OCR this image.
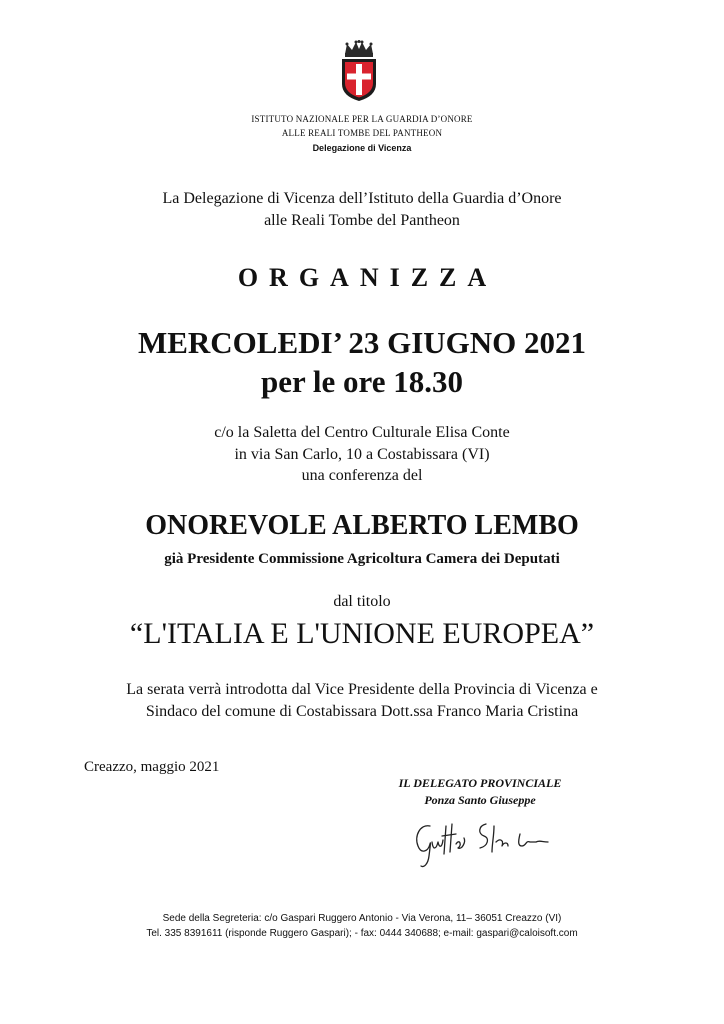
ISTITUTO NAZIONALE PER LA GUARDIA D’ONORE
ALLE REALI TOMBE DEL PANTHEON
Delegazione di Vicenza
La Delegazione di Vicenza dell’Istituto della Guardia d’Onore
alle Reali Tombe del Pantheon
ORGANIZZA
MERCOLEDI’ 23 GIUGNO 2021
per le ore 18.30
c/o la Saletta del Centro Culturale Elisa Conte
in via San Carlo, 10 a Costabissara (VI)
una conferenza del
ONOREVOLE ALBERTO LEMBO
già Presidente Commissione Agricoltura Camera dei Deputati
dal titolo
“L'ITALIA E L'UNIONE EUROPEA”
La serata verrà introdotta dal Vice Presidente della Provincia di Vicenza e
Sindaco del comune di Costabissara Dott.ssa Franco Maria Cristina
Creazzo, maggio 2021
IL DELEGATO PROVINCIALE
Ponza Santo Giuseppe
Sede della Segreteria: c/o Gaspari Ruggero Antonio - Via Verona, 11– 36051 Creazzo (VI)
Tel. 335 8391611 (risponde Ruggero Gaspari); - fax: 0444 340688; e-mail: gaspari@caloisoft.com
